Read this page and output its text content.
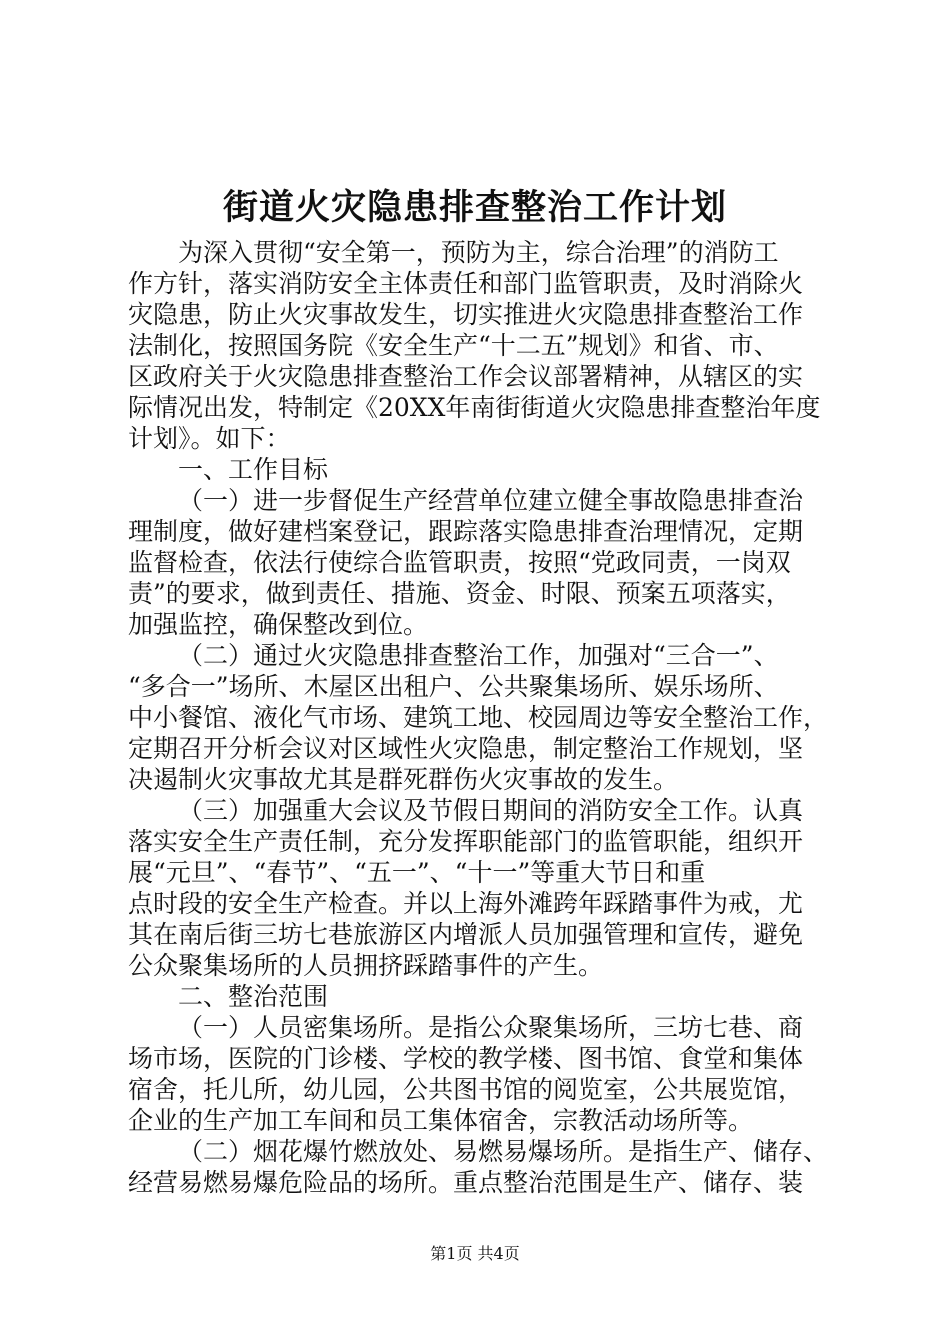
街道火灾隐患排查整治工作计划
为深入贯彻“安全第一，预防为主，综合治理”的消防工
作方针，落实消防安全主体责任和部门监管职责，及时消除火
灾隐患，防止火灾事故发生，切实推进火灾隐患排查整治工作
法制化，按照国务院《安全生产“十二五”规划》和省、市、
区政府关于火灾隐患排查整治工作会议部署精神，从辖区的实
际情况出发，特制定《20XX年南街街道火灾隐患排查整治年度
计划》。如下：
一、工作目标
（一）进一步督促生产经营单位建立健全事故隐患排查治
理制度，做好建档案登记，跟踪落实隐患排查治理情况，定期
监督检查，依法行使综合监管职责，按照“党政同责，一岗双
责”的要求，做到责任、措施、资金、时限、预案五项落实，
加强监控，确保整改到位。
（二）通过火灾隐患排查整治工作，加强对“三合一”、
“多合一”场所、木屋区出租户、公共聚集场所、娱乐场所、
中小餐馆、液化气市场、建筑工地、校园周边等安全整治工作，
定期召开分析会议对区域性火灾隐患，制定整治工作规划，坚
决遏制火灾事故尤其是群死群伤火灾事故的发生。
（三）加强重大会议及节假日期间的消防安全工作。认真
落实安全生产责任制，充分发挥职能部门的监管职能，组织开
展“元旦”、“春节”、“五一”、“十一”等重大节日和重
点时段的安全生产检查。并以上海外滩跨年踩踏事件为戒，尤
其在南后街三坊七巷旅游区内增派人员加强管理和宣传，避免
公众聚集场所的人员拥挤踩踏事件的产生。
二、整治范围
（一）人员密集场所。是指公众聚集场所，三坊七巷、商
场市场，医院的门诊楼、学校的教学楼、图书馆、食堂和集体
宿舍，托儿所，幼儿园，公共图书馆的阅览室，公共展览馆，
企业的生产加工车间和员工集体宿舍，宗教活动场所等。
（二）烟花爆竹燃放处、易燃易爆场所。是指生产、储存、
经营易燃易爆危险品的场所。重点整治范围是生产、储存、装
第1页 共4页
